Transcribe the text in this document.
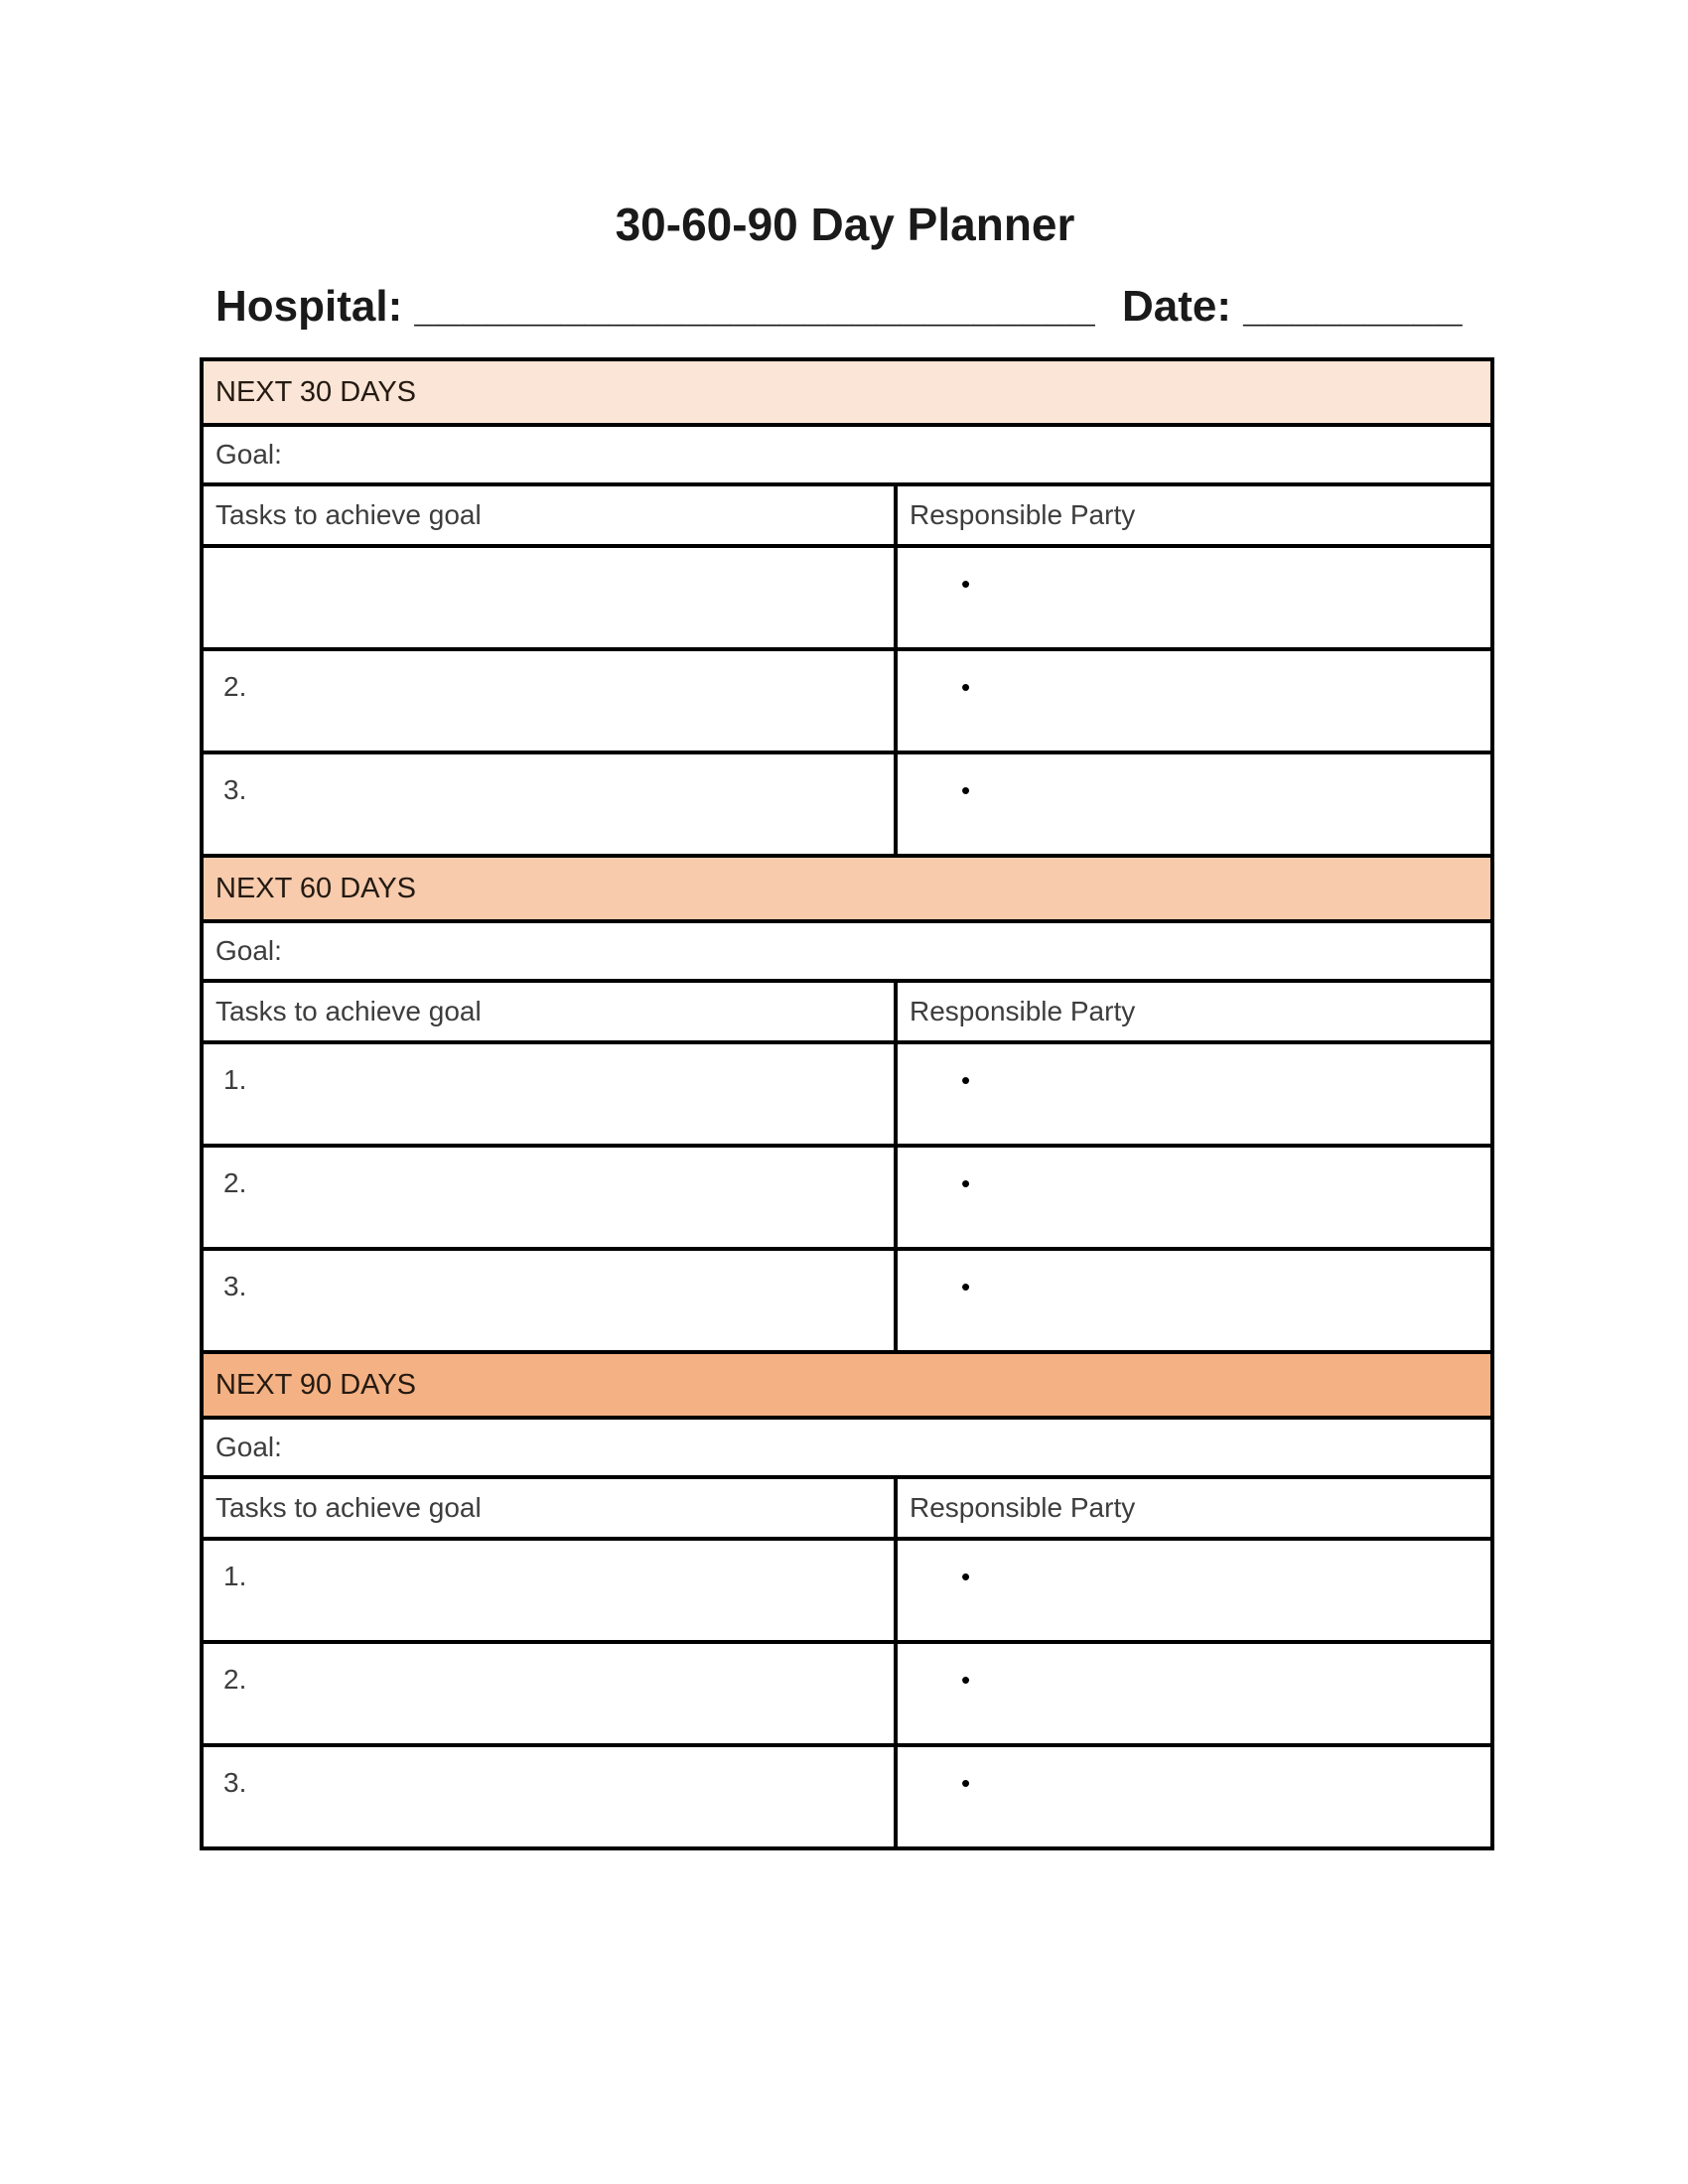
30-60-90 Day Planner
Hospital: ____________________________ Date: _________
NEXT 30 DAYS	
Goal:	
Tasks to achieve goal	Responsible Party
	•
2.	•
3.	•
NEXT 60 DAYS	
Goal:	
Tasks to achieve goal	Responsible Party
1.	•
2.	•
3.	•
NEXT 90 DAYS	
Goal:	
Tasks to achieve goal	Responsible Party
1.	•
2.	•
3.	•
